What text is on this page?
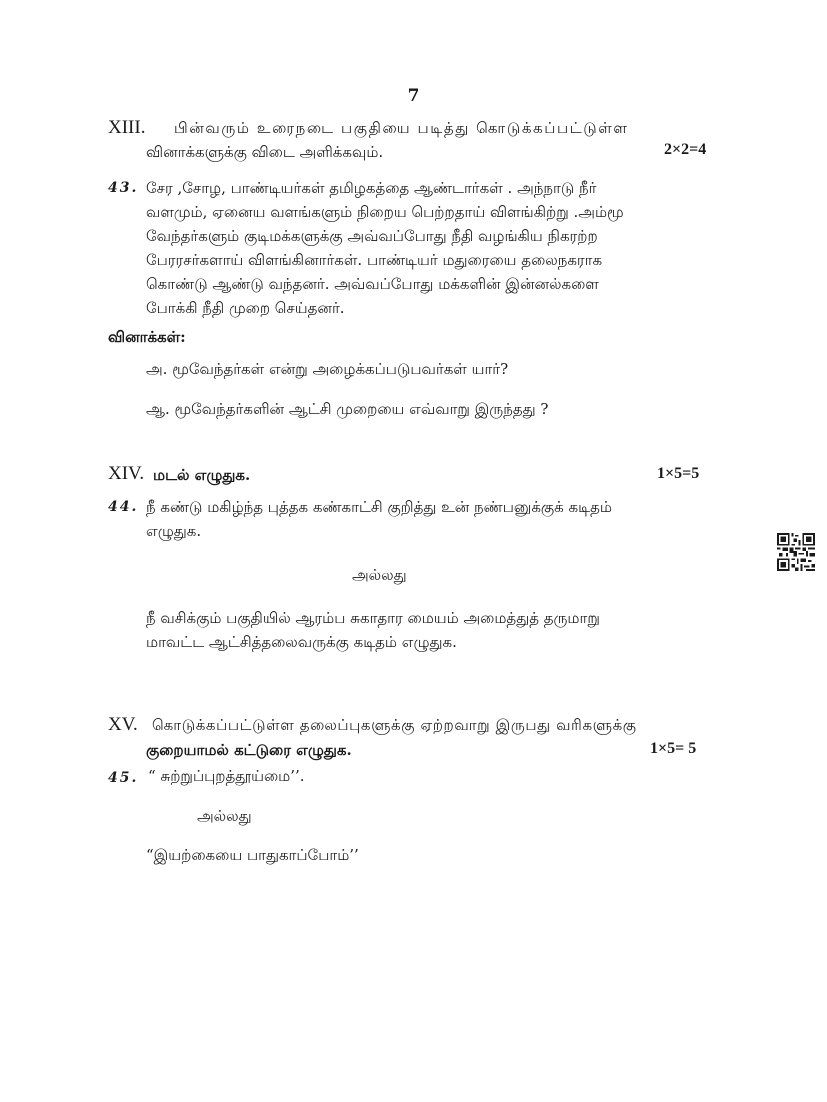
7
XIII. பின்வரும் உரைநடை பகுதியை படித்து கொடுக்கப்பட்டுள்ள
வினாக்களுக்கு விடை அளிக்கவும்.	2×2=4
43. சேர ,சோழ, பாண்டியர்கள் தமிழகத்தை ஆண்டார்கள் . அந்நாடு நீர்
வளமும், ஏனைய வளங்களும் நிறைய பெற்றதாய் விளங்கிற்று .அம்மூ
வேந்தர்களும் குடிமக்களுக்கு அவ்வப்போது நீதி வழங்கிய நிகரற்ற
பேரரசர்களாய் விளங்கினார்கள். பாண்டியர் மதுரையை தலைநகராக
கொண்டு ஆண்டு வந்தனர். அவ்வப்போது மக்களின் இன்னல்களை
போக்கி நீதி முறை செய்தனர்.
வினாக்கள்:
அ. மூவேந்தர்கள் என்று அழைக்கப்படுபவர்கள் யார்?
ஆ. மூவேந்தர்களின் ஆட்சி முறையை எவ்வாறு இருந்தது ?
XIV. மடல் எழுதுக.	1×5=5
44. நீ கண்டு மகிழ்ந்த புத்தக கண்காட்சி குறித்து உன் நண்பனுக்குக் கடிதம்
எழுதுக.
அல்லது
நீ வசிக்கும் பகுதியில் ஆரம்ப சுகாதார மையம் அமைத்துத் தருமாறு
மாவட்ட ஆட்சித்தலைவருக்கு கடிதம் எழுதுக.
XV. கொடுக்கப்பட்டுள்ள தலைப்புகளுக்கு ஏற்றவாறு இருபது வரிகளுக்கு
குறையாமல் கட்டுரை எழுதுக.	1×5= 5
45. “ சுற்றுப்புறத்தூய்மை’’.
அல்லது
“இயற்கையை பாதுகாப்போம்’’
